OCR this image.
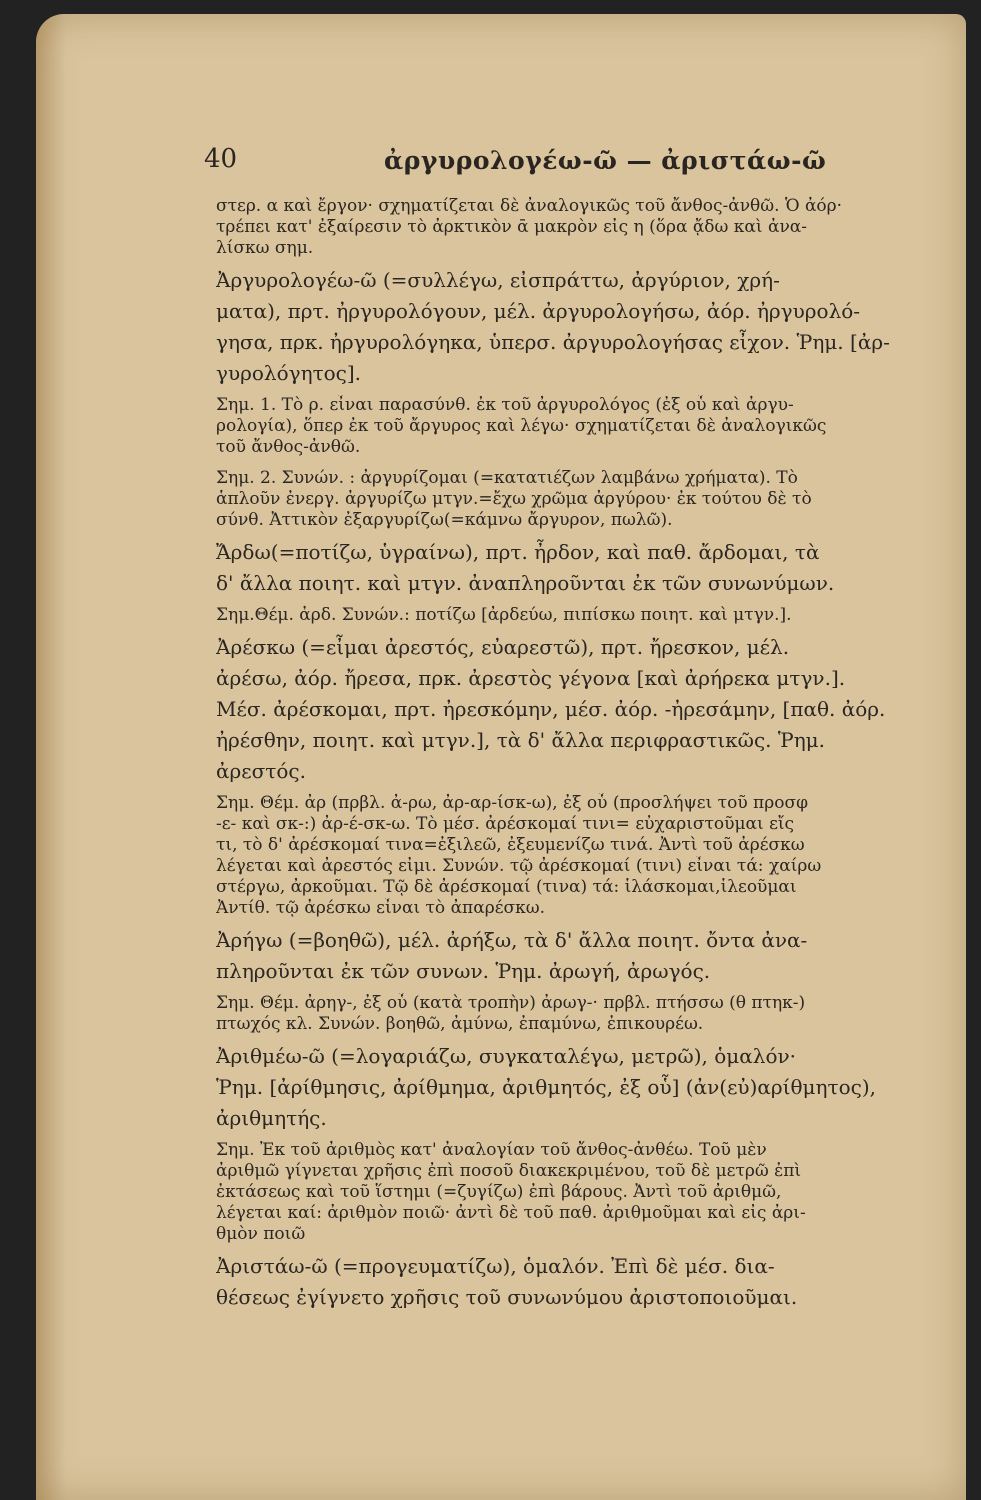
40	ἀργυρολογέω-ῶ — ἀριστάω-ῶ
στερ. α καὶ ἔργον· σχηματίζεται δὲ ἀναλογικῶς τοῦ ἄνθος-ἀνθῶ. Ὁ ἀόρ·
τρέπει κατ' ἐξαίρεσιν τὸ ἀρκτικὸν ᾱ μακρὸν εἰς η (ὅρα ᾄδω καὶ ἀνα-
λίσκω σημ.
Ἀργυρολογέω-ῶ (=συλλέγω, εἰσπράττω, ἀργύριον, χρή-
ματα), πρτ. ἠργυρολόγουν, μέλ. ἀργυρολογήσω, ἀόρ. ἠργυρολό-
γησα, πρκ. ἠργυρολόγηκα, ὑπερσ. ἀργυρολογήσας εἶχον. Ῥημ. [ἀρ-
γυρολόγητος].
Σημ. 1. Τὸ ρ. εἶναι παρασύνθ. ἐκ τοῦ ἀργυρολόγος (ἐξ οὗ καὶ ἀργυ-
ρολογία), ὅπερ ἐκ τοῦ ἄργυρος καὶ λέγω· σχηματίζεται δὲ ἀναλογικῶς
τοῦ ἄνθος-ἀνθῶ.
Σημ. 2. Συνών. : ἀργυρίζομαι (=κατατιέζων λαμβάνω χρήματα). Τὸ
ἁπλοῦν ἐνεργ. ἀργυρίζω μτγν.=ἔχω χρῶμα ἀργύρου· ἐκ τούτου δὲ τὸ
σύνθ. Ἀττικὸν ἐξαργυρίζω(=κάμνω ἄργυρον, πωλῶ).
Ἄρδω(=ποτίζω, ὑγραίνω), πρτ. ἦρδον, καὶ παθ. ἄρδομαι, τὰ
δ' ἄλλα ποιητ. καὶ μτγν. ἀναπληροῦνται ἐκ τῶν συνωνύμων.
Σημ.Θέμ. ἀρδ. Συνών.: ποτίζω [ἀρδεύω, πιπίσκω ποιητ. καὶ μτγν.].
Ἀρέσκω (=εἶμαι ἀρεστός, εὐαρεστῶ), πρτ. ἤρεσκον, μέλ.
ἀρέσω, ἀόρ. ἤρεσα, πρκ. ἀρεστὸς γέγονα [καὶ ἀρήρεκα μτγν.].
Μέσ. ἀρέσκομαι, πρτ. ἠρεσκόμην, μέσ. ἀόρ. -ἠρεσάμην, [παθ. ἀόρ.
ἠρέσθην, ποιητ. καὶ μτγν.], τὰ δ' ἄλλα περιφραστικῶς. Ῥημ.
ἀρεστός.
Σημ. Θέμ. ἀρ (πρβλ. ἀ-ρω, ἀρ-αρ-ίσκ-ω), ἐξ οὗ (προσλήψει τοῦ προσφ
-ε- καὶ σκ-:) ἀρ-έ-σκ-ω. Τὸ μέσ. ἀρέσκομαί τινι= εὐχαριστοῦμαι εἴς
τι, τὸ δ' ἀρέσκομαί τινα=ἐξιλεῶ, ἐξευμενίζω τινά. Ἀντὶ τοῦ ἀρέσκω
λέγεται καὶ ἀρεστός εἰμι. Συνών. τῷ ἀρέσκομαί (τινι) εἶναι τά: χαίρω
στέργω, ἀρκοῦμαι. Τῷ δὲ ἀρέσκομαί (τινα) τά: ἱλάσκομαι,ἱλεοῦμαι
Ἀντίθ. τῷ ἀρέσκω εἶναι τὸ ἀπαρέσκω.
Ἀρήγω (=βοηθῶ), μέλ. ἀρήξω, τὰ δ' ἄλλα ποιητ. ὄντα ἀνα-
πληροῦνται ἐκ τῶν συνων. Ῥημ. ἀρωγή, ἀρωγός.
Σημ. Θέμ. ἀρηγ-, ἐξ οὗ (κατὰ τροπὴν) ἀρωγ-· πρβλ. πτήσσω (θ πτηκ-)
πτωχός κλ. Συνών. βοηθῶ, ἀμύνω, ἐπαμύνω, ἐπικουρέω.
Ἀριθμέω-ῶ (=λογαριάζω, συγκαταλέγω, μετρῶ), ὁμαλόν·
Ῥημ. [ἀρίθμησις, ἀρίθμημα, ἀριθμητός, ἐξ οὗ] (ἀν(εὐ)αρίθμητος),
ἀριθμητής.
Σημ. Ἐκ τοῦ ἀριθμὸς κατ' ἀναλογίαν τοῦ ἄνθος-ἀνθέω. Τοῦ μὲν
ἀριθμῶ γίγνεται χρῆσις ἐπὶ ποσοῦ διακεκριμένου, τοῦ δὲ μετρῶ ἐπὶ
ἐκτάσεως καὶ τοῦ ἵστημι (=ζυγίζω) ἐπὶ βάρους. Ἀντὶ τοῦ ἀριθμῶ,
λέγεται καί: ἀριθμὸν ποιῶ· ἀντὶ δὲ τοῦ παθ. ἀριθμοῦμαι καὶ εἰς ἀρι-
θμὸν ποιῶ
Ἀριστάω-ῶ (=προγευματίζω), ὁμαλόν. Ἐπὶ δὲ μέσ. δια-
θέσεως ἐγίγνετο χρῆσις τοῦ συνωνύμου ἀριστοποιοῦμαι.
